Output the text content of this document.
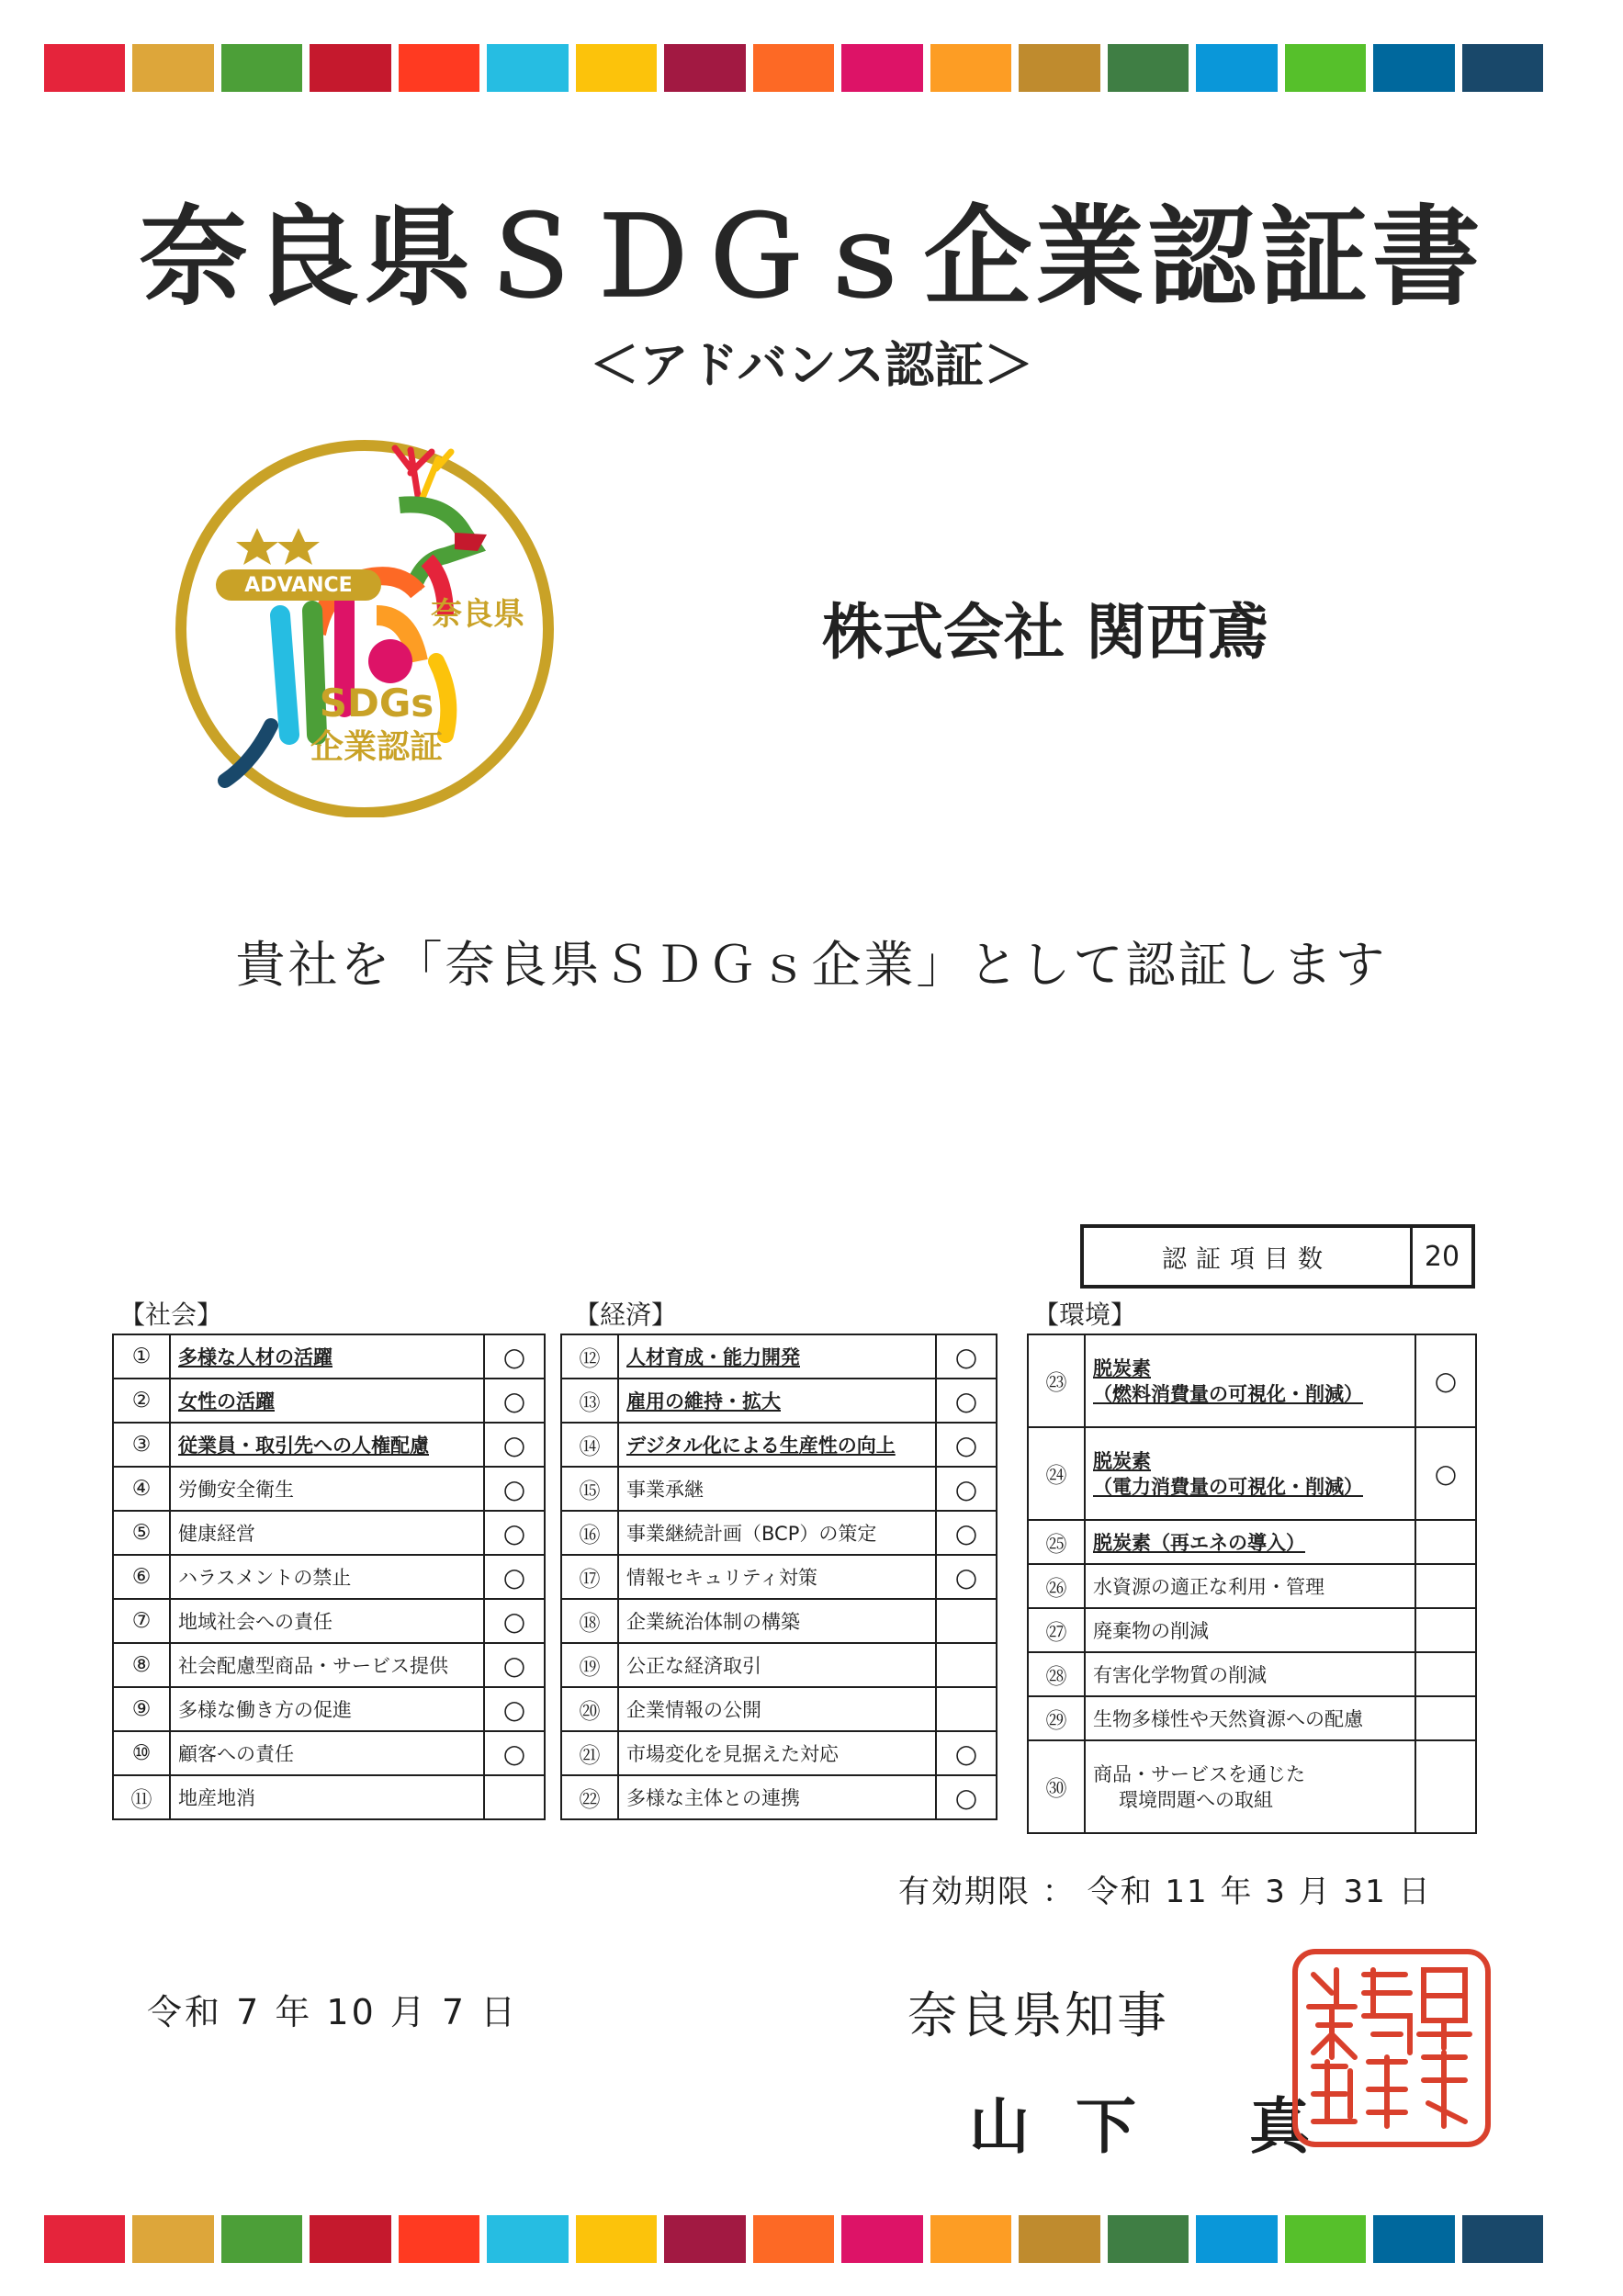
奈良県ＳＤＧｓ企業認証書
＜アドバンス認証＞
ADVANCE
奈良県
SDGs
企業認証
株式会社 関西鳶
貴社を「奈良県ＳＤＧｓ企業」として認証します
認証項目数	20
【社会】	【経済】	【環境】
①	多様な人材の活躍	○
②	女性の活躍	○
③	従業員・取引先への人権配慮	○
④	労働安全衛生	○
⑤	健康経営	○
⑥	ハラスメントの禁止	○
⑦	地域社会への責任	○
⑧	社会配慮型商品・サービス提供	○
⑨	多様な働き方の促進	○
⑩	顧客への責任	○
⑪	地産地消	
⑫	人材育成・能力開発	○
⑬	雇用の維持・拡大	○
⑭	デジタル化による生産性の向上	○
⑮	事業承継	○
⑯	事業継続計画（BCP）の策定	○
⑰	情報セキュリティ対策	○
⑱	企業統治体制の構築	
⑲	公正な経済取引	
⑳	企業情報の公開	
㉑	市場変化を見据えた対応	○
㉒	多様な主体との連携	○
㉓	脱炭素
（燃料消費量の可視化・削減）	○
㉔	脱炭素
（電力消費量の可視化・削減）	○
㉕	脱炭素（再エネの導入）	
㉖	水資源の適正な利用・管理	
㉗	廃棄物の削減	
㉘	有害化学物質の削減	
㉙	生物多様性や天然資源への配慮	
㉚	商品・サービスを通じた
環境問題への取組	

有効期限 ： 令和 11 年 3 月 31 日
令和 7 年 10 月 7 日	奈良県知事
山下 真
